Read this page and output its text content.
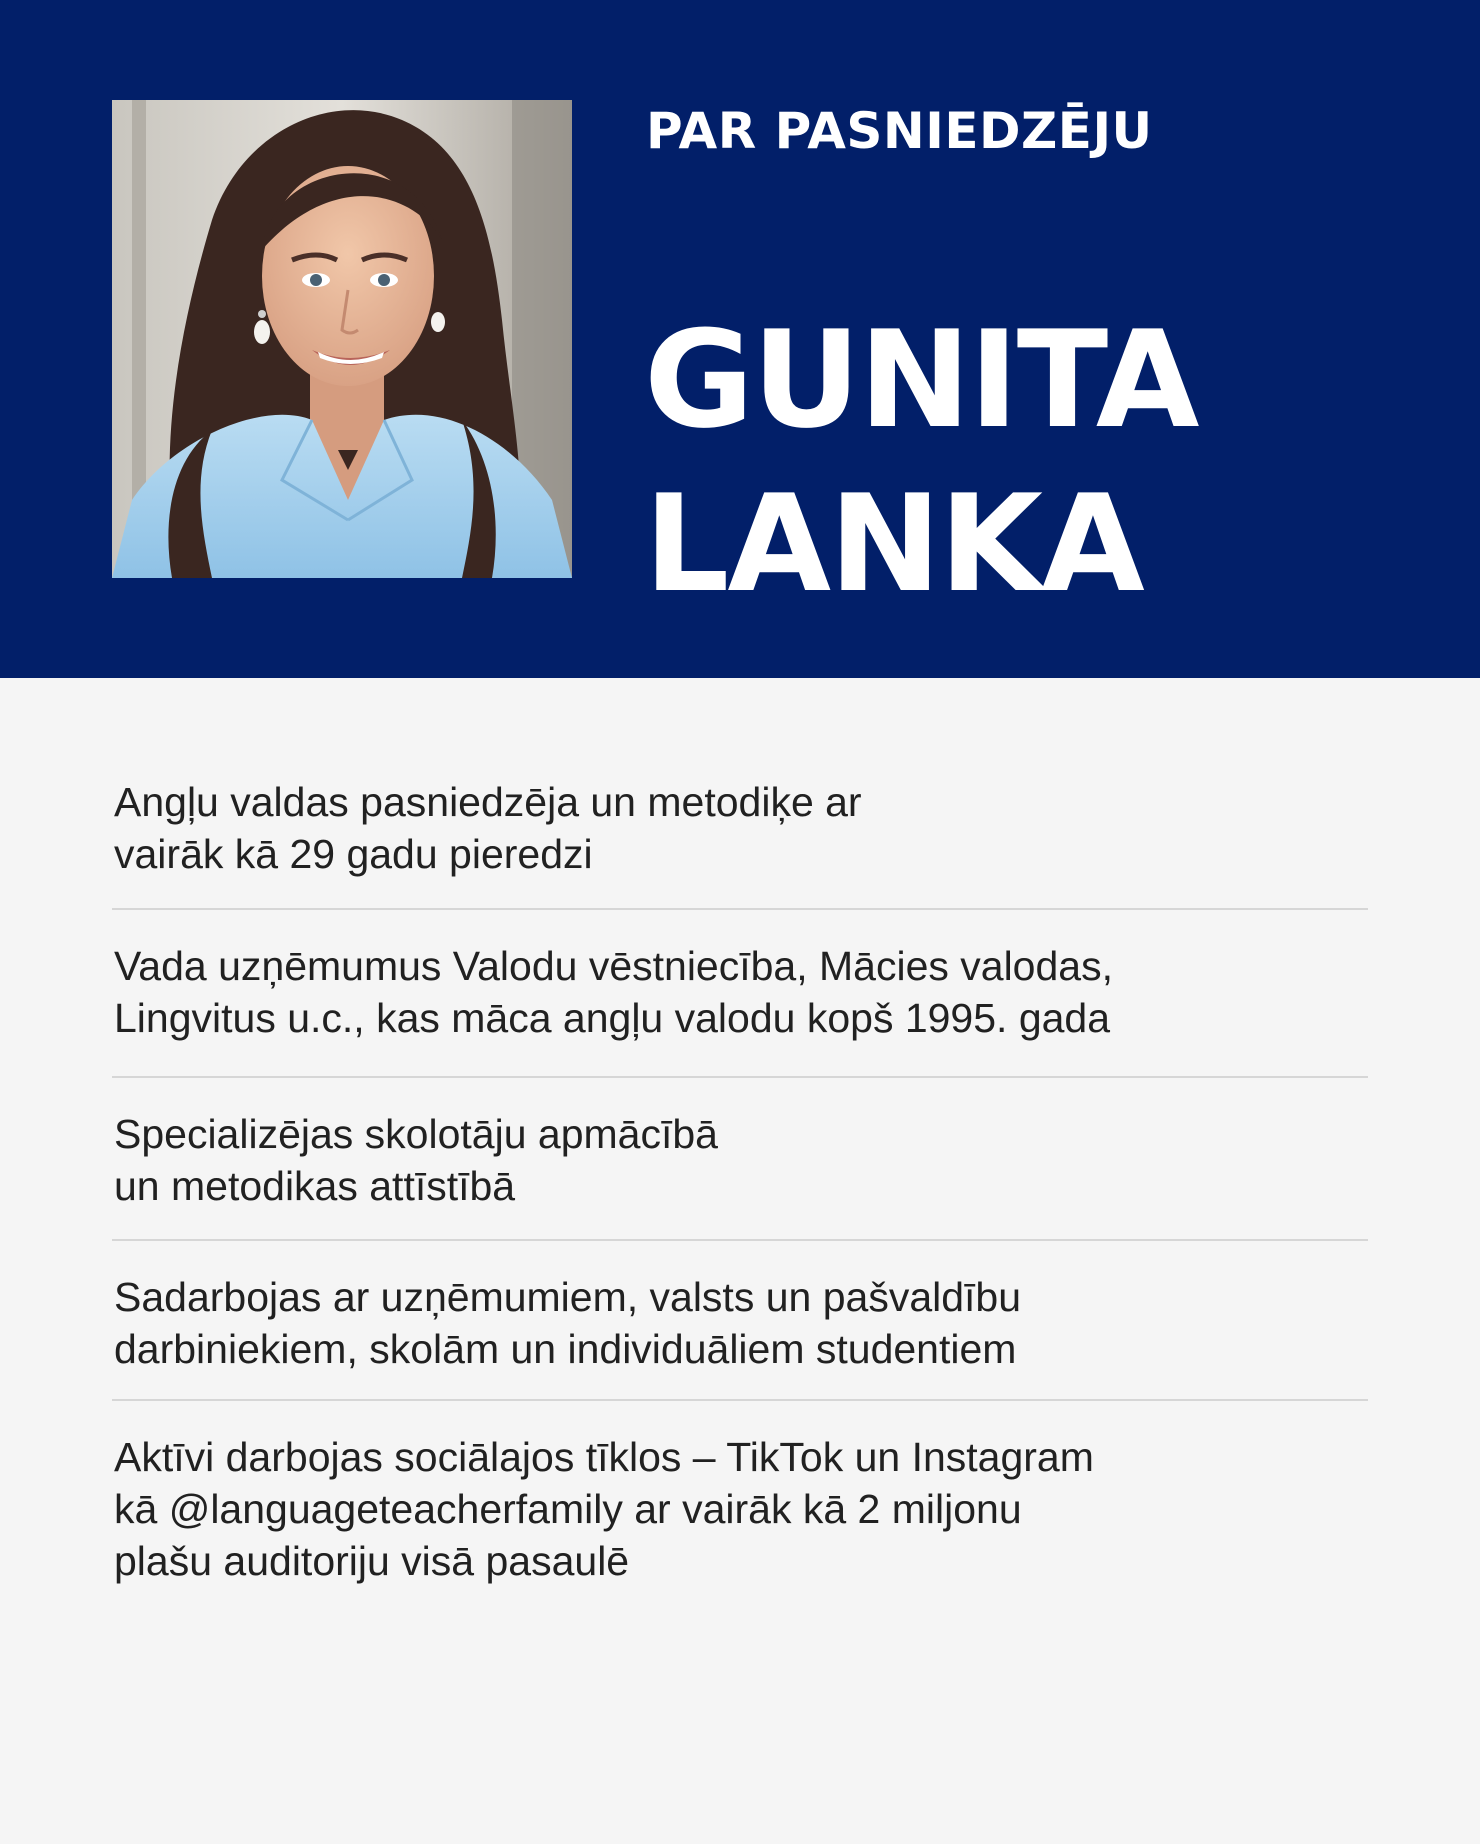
PAR PASNIEDZĒJU
GUNITA
LANKA
Angļu valdas pasniedzēja un metodiķe ar
vairāk kā 29 gadu pieredzi
Vada uzņēmumus Valodu vēstniecība, Mācies valodas,
Lingvitus u.c., kas māca angļu valodu kopš 1995. gada
Specializējas skolotāju apmācībā
un metodikas attīstībā
Sadarbojas ar uzņēmumiem, valsts un pašvaldību
darbiniekiem, skolām un individuāliem studentiem
Aktīvi darbojas sociālajos tīklos – TikTok un Instagram
kā @languageteacherfamily ar vairāk kā 2 miljonu
plašu auditoriju visā pasaulē
